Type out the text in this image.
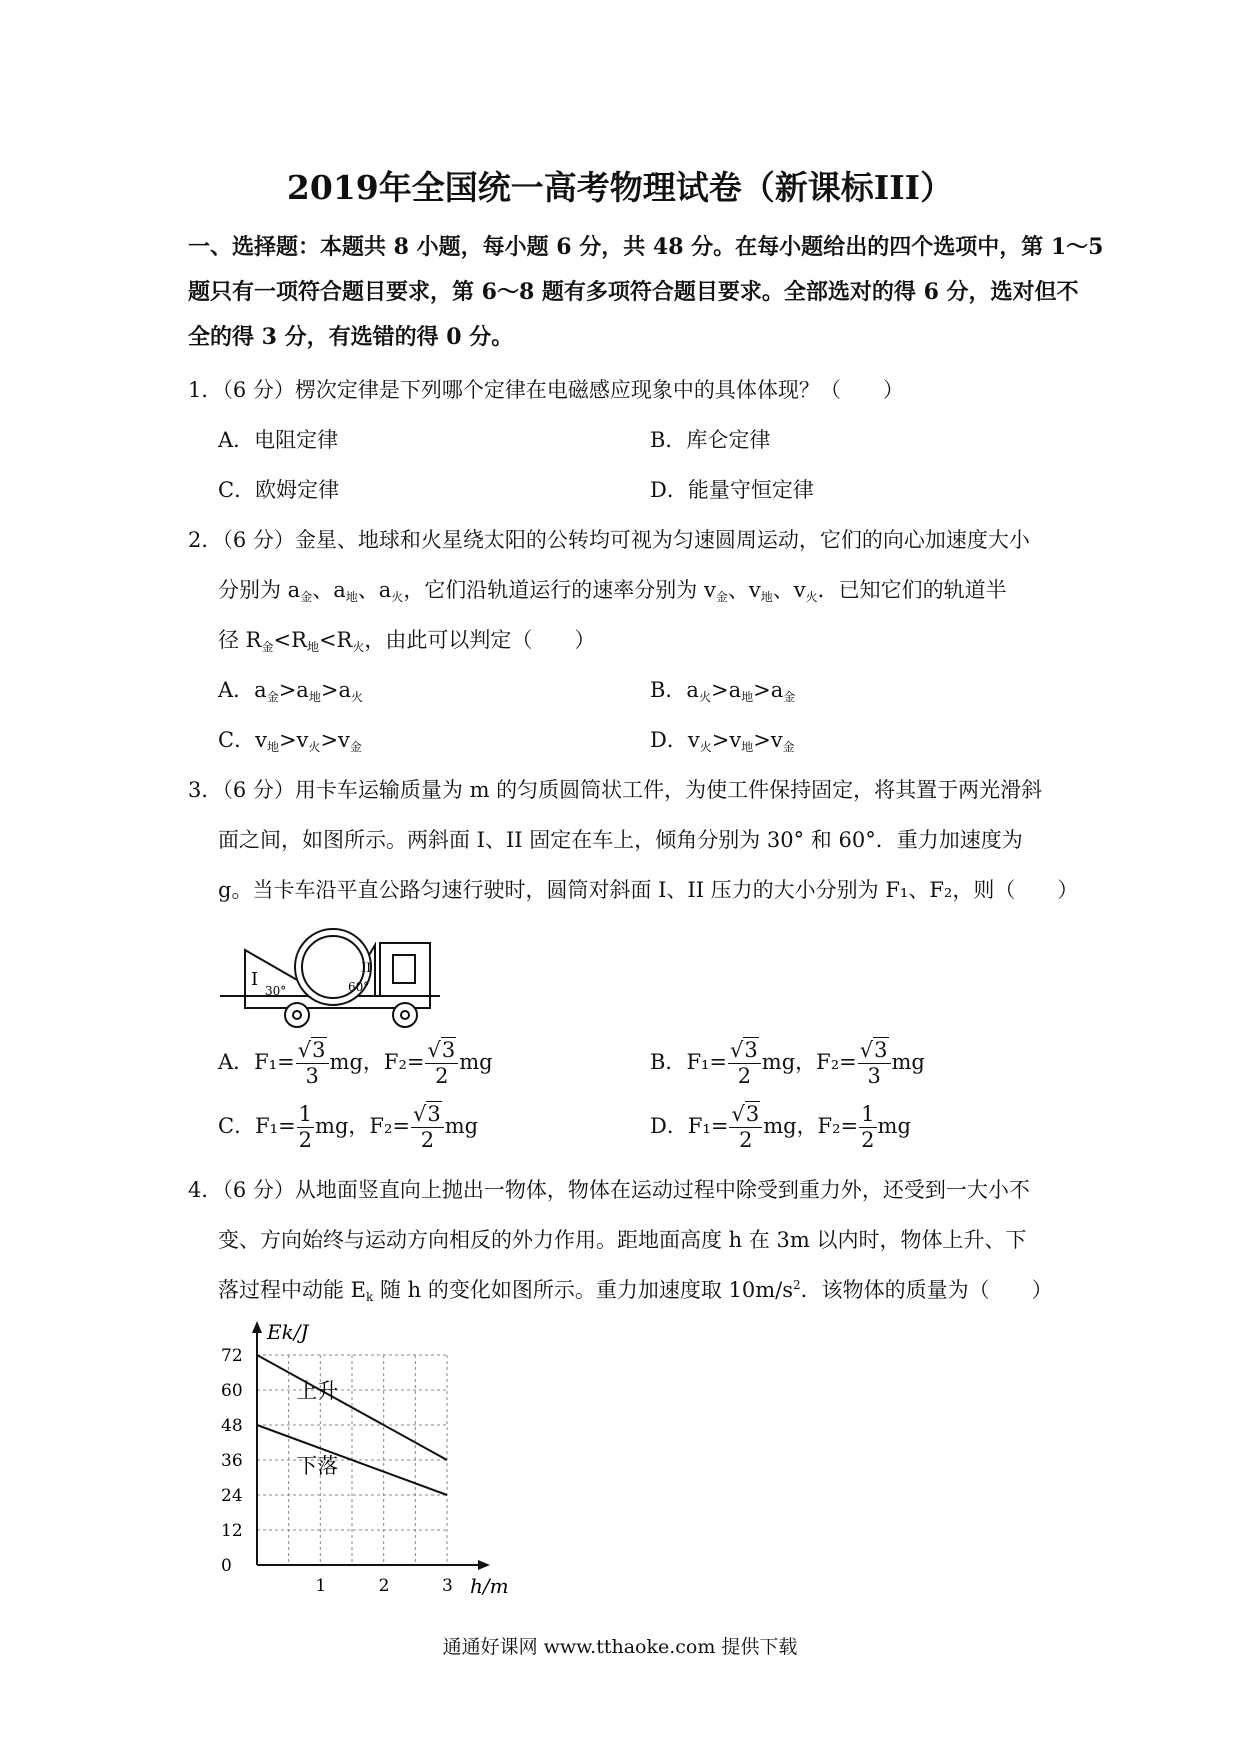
2019年全国统一高考物理试卷（新课标III）
一、选择题：本题共 8 小题，每小题 6 分，共 48 分。在每小题给出的四个选项中，第 1～5
题只有一项符合题目要求，第 6～8 题有多项符合题目要求。全部选对的得 6 分，选对但不
全的得 3 分，有选错的得 0 分。
1．（6 分）楞次定律是下列哪个定律在电磁感应现象中的具体体现？（　　）
A．电阻定律	B．库仑定律
C．欧姆定律	D．能量守恒定律
2．（6 分）金星、地球和火星绕太阳的公转均可视为匀速圆周运动，它们的向心加速度大小
分别为 $a_金$、$a_地$、$a_火$，它们沿轨道运行的速率分别为 $v_金$、$v_地$、$v_火$．已知它们的轨道半
径 $R_金<R_地<R_火$，由此可以判定（　　）
A．$a_金>a_地>a_火$	B．$a_火>a_地>a_金$
C．$v_地>v_火>v_金$	D．$v_火>v_地>v_金$
3．（6 分）用卡车运输质量为 m 的匀质圆筒状工件，为使工件保持固定，将其置于两光滑斜
面之间，如图所示。两斜面 I、II 固定在车上，倾角分别为 30° 和 60°．重力加速度为
g。当卡车沿平直公路匀速行驶时，圆筒对斜面 I、II 压力的大小分别为 F₁、F₂，则（　　）
I
II
30°	60°
A．$F_1= \frac{√3}{3}$ mg，$F_2= \frac{√3}{2}$ mg	B．$F_1= \frac{√3}{2}$ mg，$F_2= \frac{√3}{3}$ mg
C．$F_1= \frac{1}{2}$ mg，$F_2= \frac{√3}{2}$ mg	D．$F_1= \frac{√3}{2}$ mg，$F_2= \frac{1}{2}$ mg
4．（6 分）从地面竖直向上抛出一物体，物体在运动过程中除受到重力外，还受到一大小不
变、方向始终与运动方向相反的外力作用。距地面高度 h 在 3m 以内时，物体上升、下
落过程中动能 $E_k$ 随 h 的变化如图所示。重力加速度取 $10m/s^2$．该物体的质量为（　　）
Ek/J
h/m
0
12
24
36
48
60
72
1	2	3
上升
下落
通通好课网 www.tthaoke.com 提供下载
